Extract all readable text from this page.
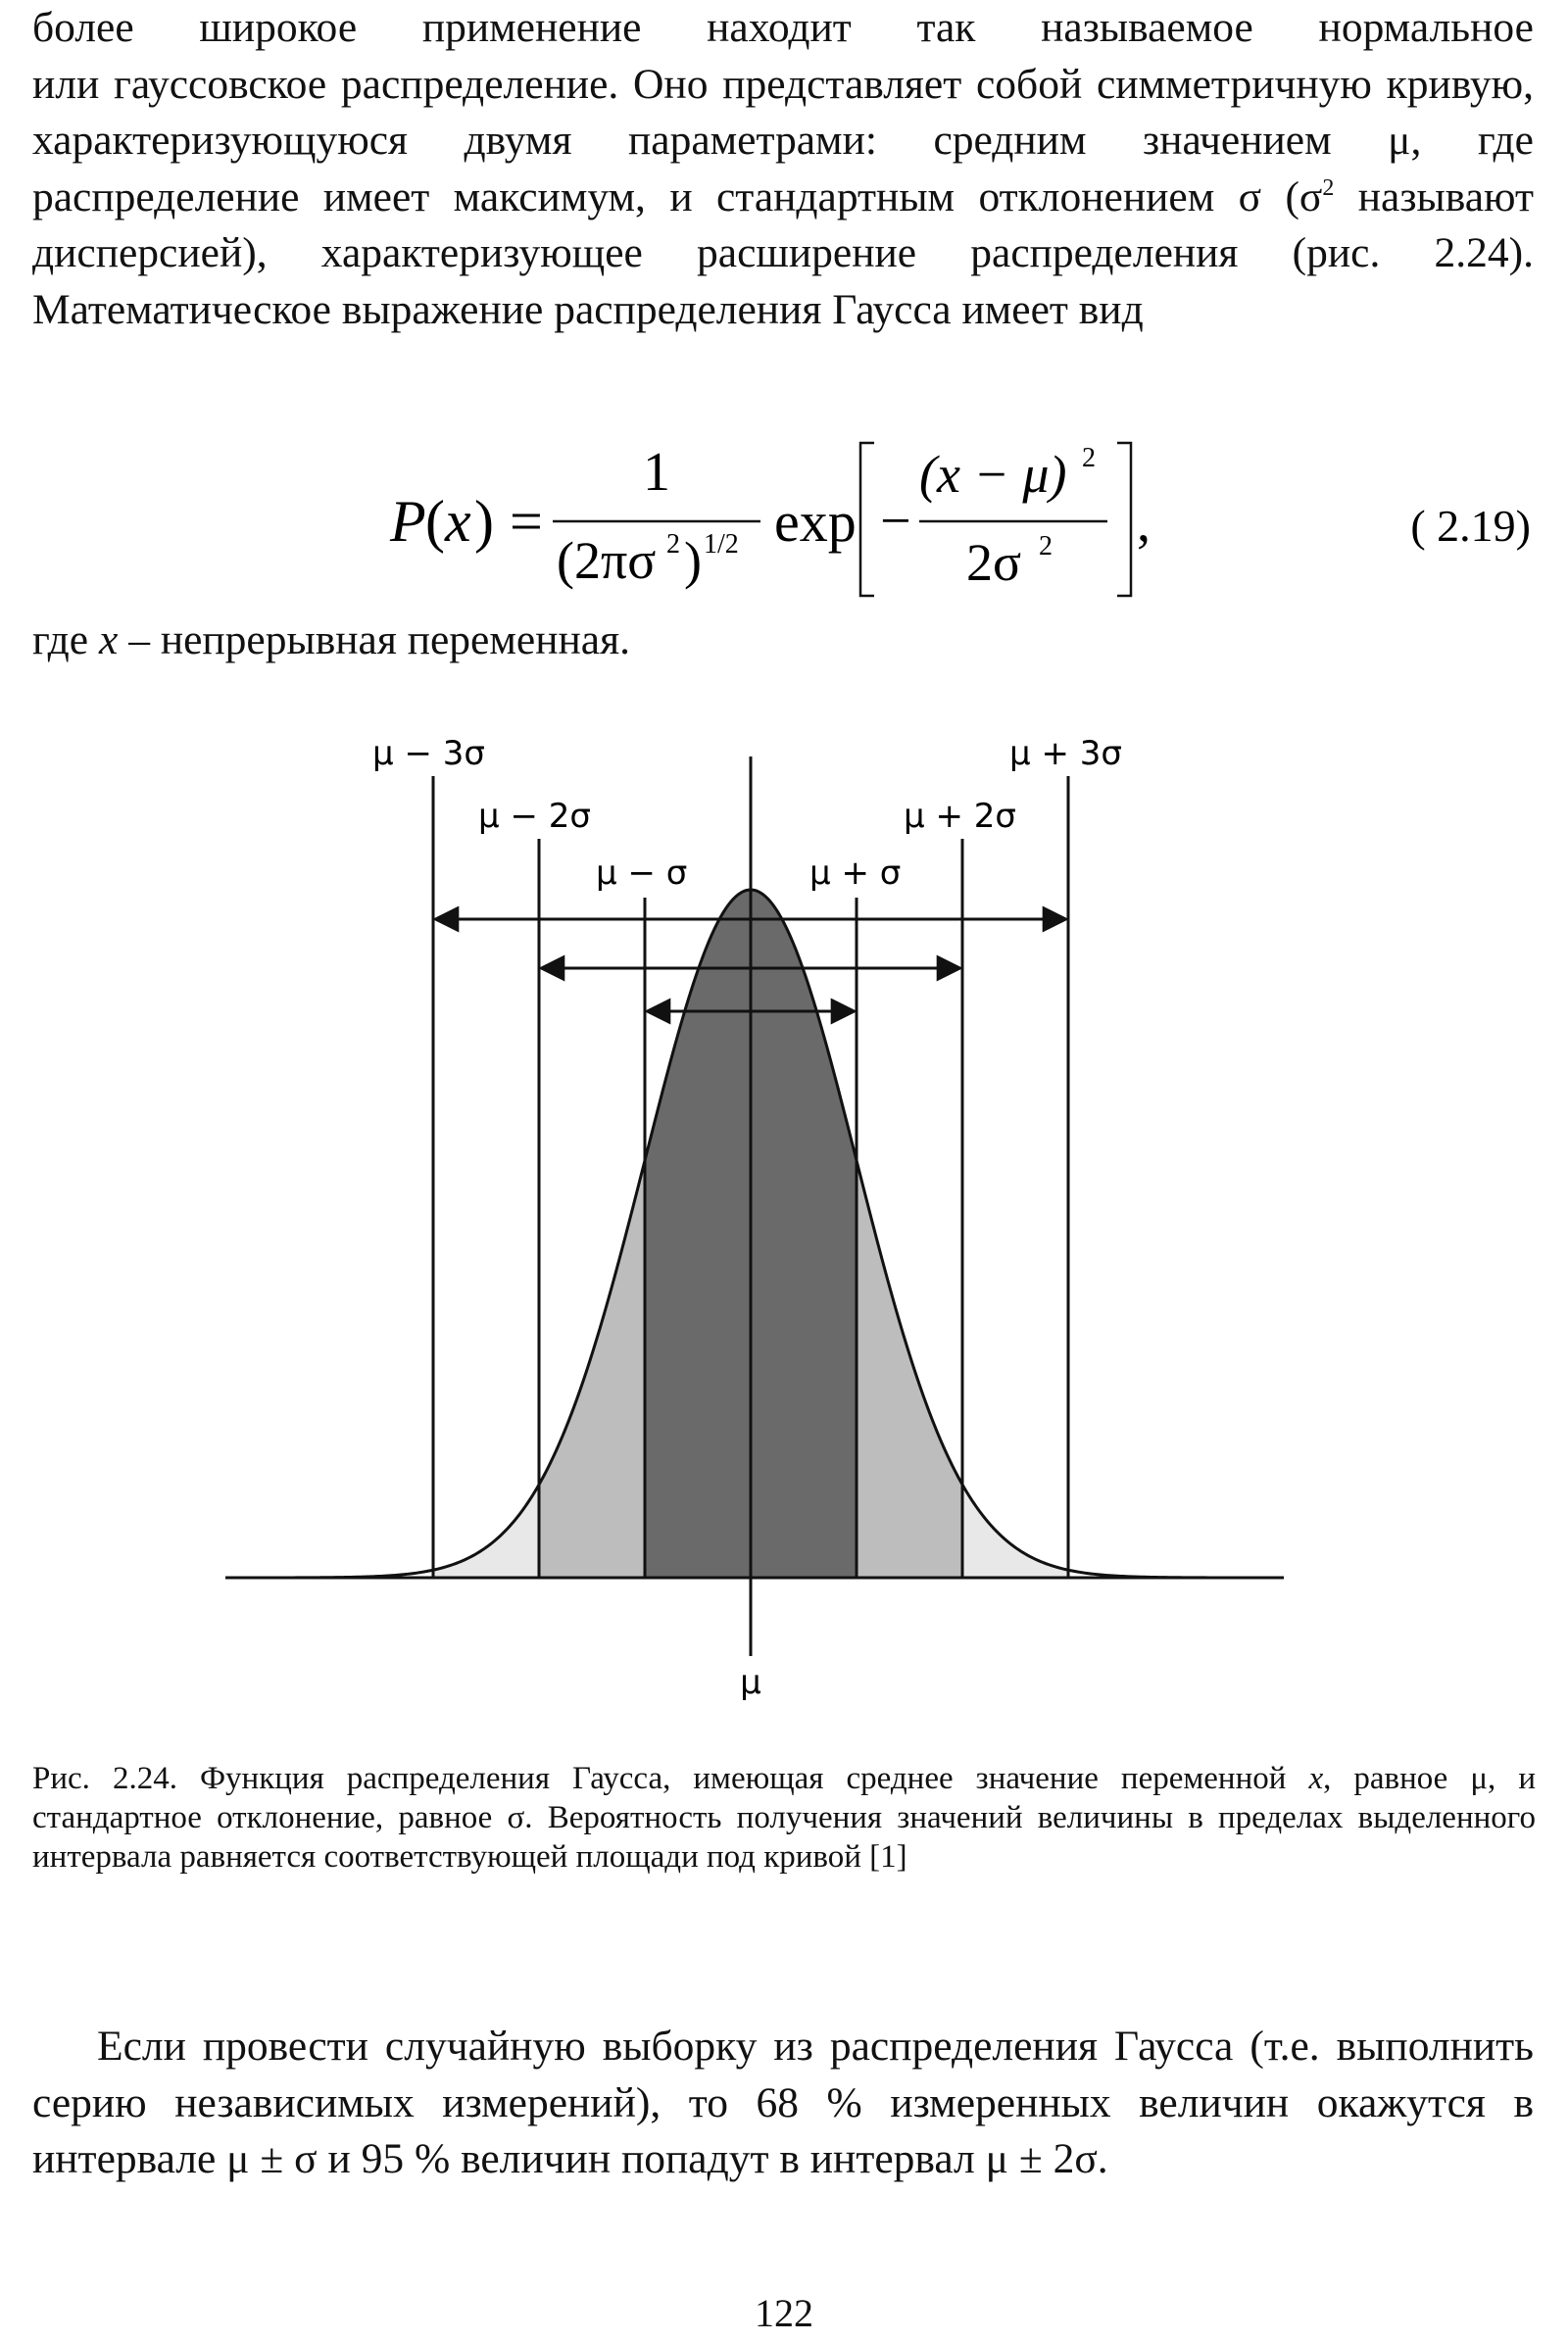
более широкое применение находит так называемое нормальное
или гауссовское распределение. Оно представляет собой симметричную кривую, характеризующуюся двумя параметрами: средним значением μ, где распределение имеет максимум, и стандартным отклонением σ ($\sigma^2$ называют дисперсией), характеризующее расширение распределения (рис. 2.24). Математическое выражение распределения Гаусса имеет вид
P ( x ) =
1
(2πσ 2 ) 1/2 exp −
(x − μ) 2
2σ 2 ,	( 2.19)
где x – непрерывная переменная.
μ − 3σ
μ − 2σ
μ − σ	μ + σ
μ + 2σ
μ + 3σ
μ
Рис. 2.24. Функция распределения Гаусса, имеющая среднее значение переменной x, равное μ, и стандартное отклонение, равное σ. Вероятность получения значений величины в пределах выделенного интервала равняется соответствующей площади под кривой [1]
Если провести случайную выборку из распределения Гаусса (т.е. выполнить серию независимых измерений), то 68 % измеренных величин окажутся в интервале μ ± σ и 95 % величин попадут в интервал μ ± 2σ.
122
